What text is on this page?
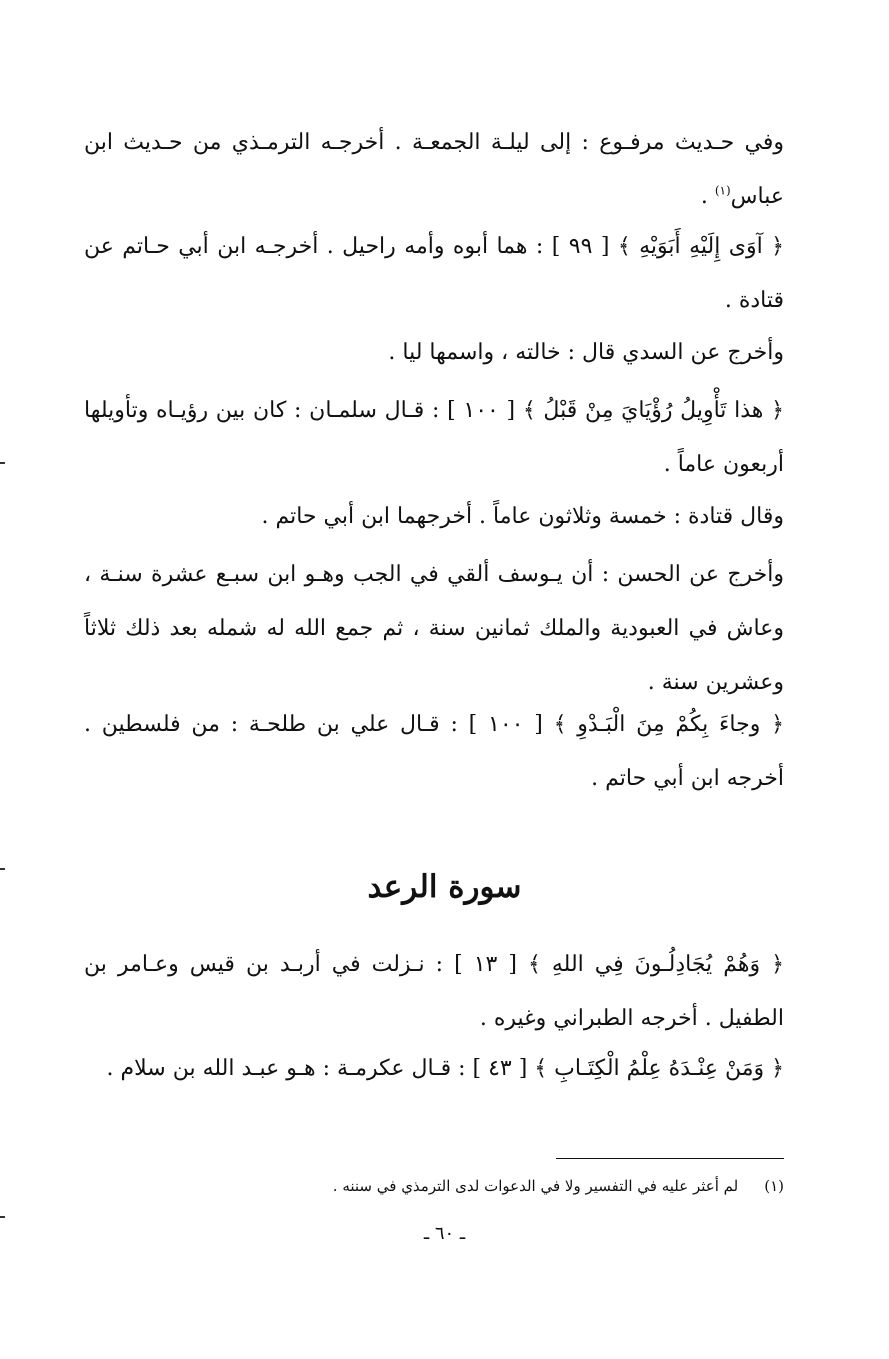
وفي حـديث مرفـوع : إلى ليلـة الجمعـة . أخرجـه الترمـذي من حـديث ابن عباس$^{(١)}$ .

﴿ آوَى إِلَيْهِ أَبَوَيْهِ ﴾ [ ٩٩ ] : هما أبوه وأمه راحيل . أخرجـه ابن أبي حـاتم عن قتادة .

وأخرج عن السدي قال : خالته ، واسمها ليا .

﴿ هذا تَأْوِيلُ رُؤْيَايَ مِنْ قَبْلُ ﴾ [ ١٠٠ ] : قـال سلمـان : كان بين رؤيـاه وتأويلها أربعون عاماً .

وقال قتادة : خمسة وثلاثون عاماً . أخرجهما ابن أبي حاتم .

وأخرج عن الحسن : أن يـوسف ألقي في الجب وهـو ابن سبـع عشرة سنـة ، وعاش في العبودية والملك ثمانين سنة ، ثم جمع الله له شمله بعد ذلك ثلاثاً وعشرين سنة .

﴿ وجاءَ بِكُمْ مِنَ الْبَـدْوِ ﴾ [ ١٠٠ ] : قـال علي بن طلحـة : من فلسطين . أخرجه ابن أبي حاتم .

سورة الرعد

﴿ وَهُمْ يُجَادِلُـونَ فِي اللهِ ﴾ [ ١٣ ] : نـزلت في أربـد بن قيس وعـامر بن الطفيل . أخرجه الطبراني وغيره .

﴿ وَمَنْ عِنْـدَهُ عِلْمُ الْكِتَـابِ ﴾ [ ٤٣ ] : قـال عكرمـة : هـو عبـد الله بن سلام .

(١)لم أعثر عليه في التفسير ولا في الدعوات لدى الترمذي في سننه .
ـ ٦٠ ـ
